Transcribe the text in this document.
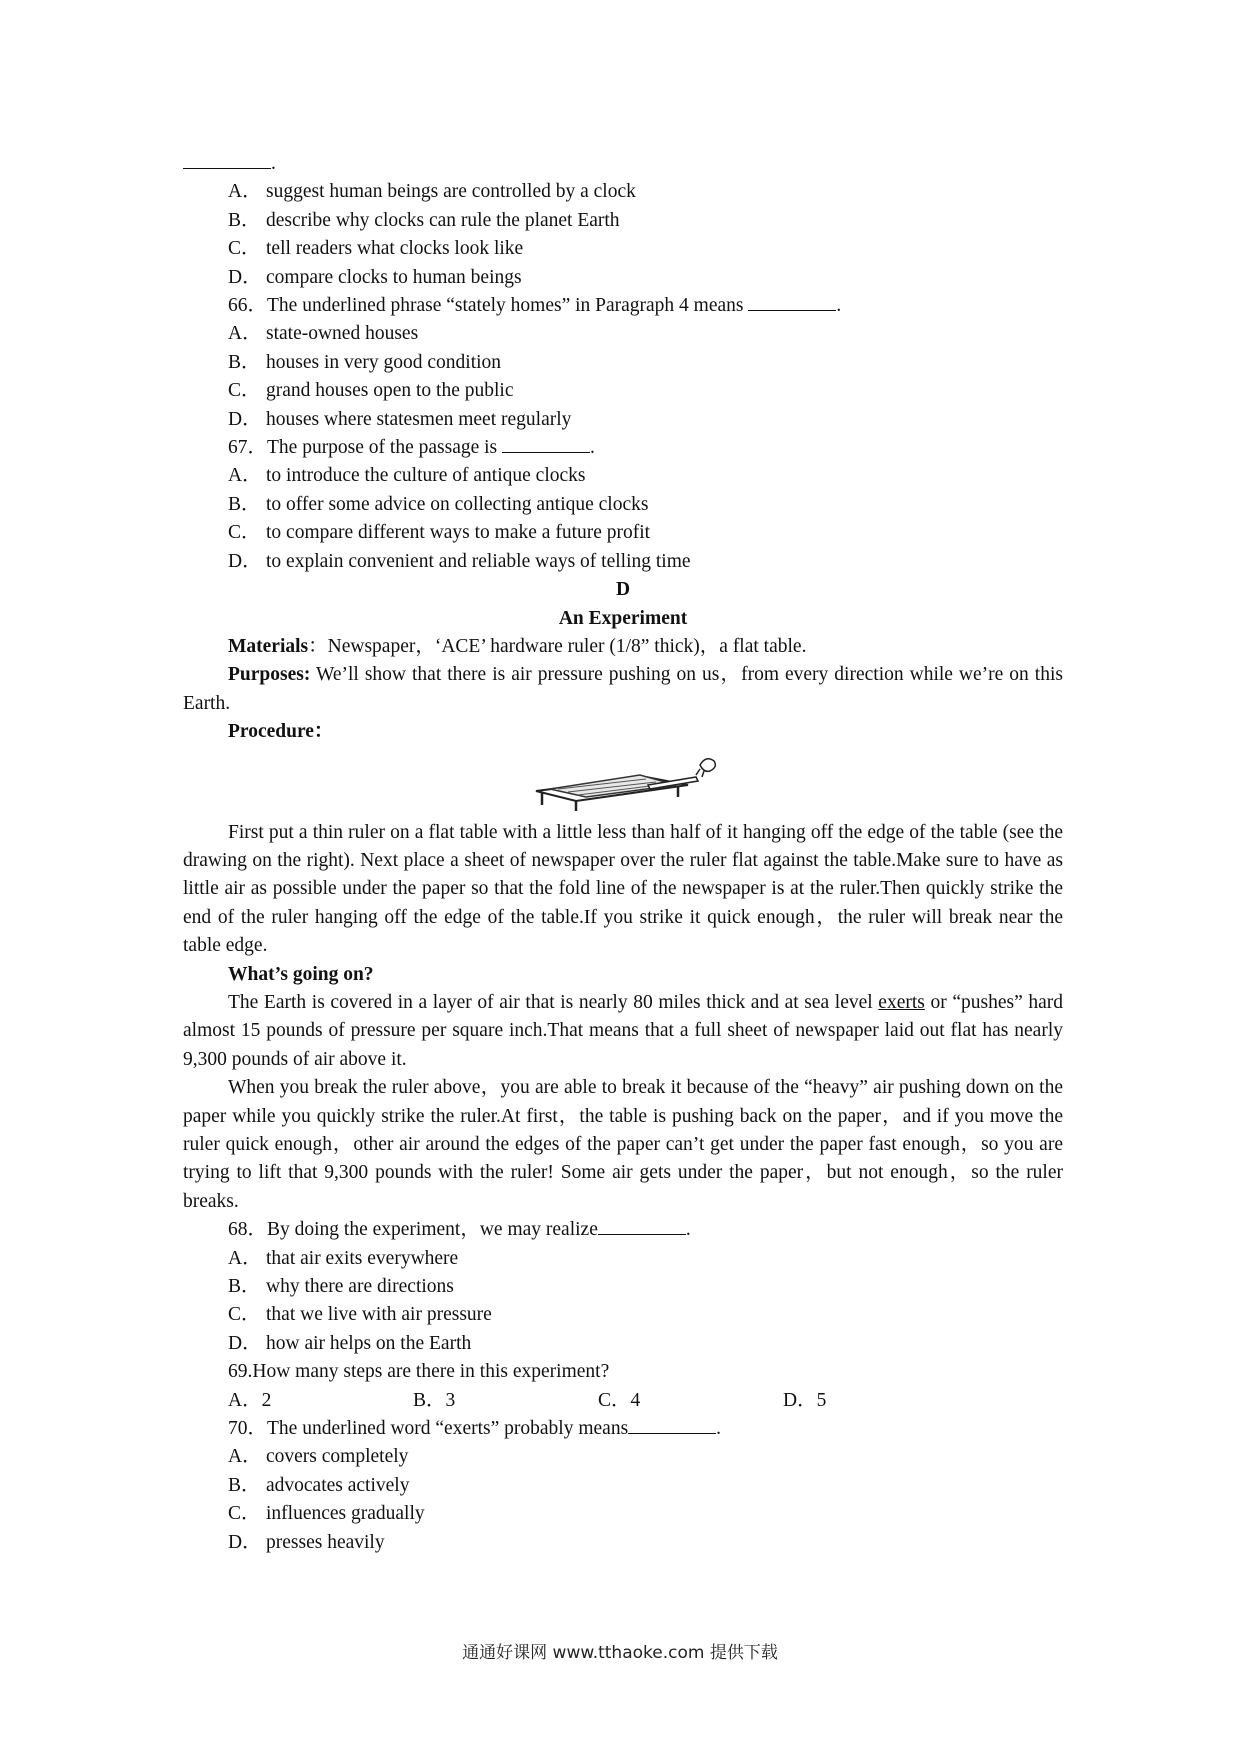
.
A． suggest human beings are controlled by a clock
B． describe why clocks can rule the planet Earth
C． tell readers what clocks look like
D． compare clocks to human beings
66．The underlined phrase “stately homes” in Paragraph 4 means	.
A． state-owned houses
B． houses in very good condition
C． grand houses open to the public
D． houses where statesmen meet regularly
67．The purpose of the passage is	.
A． to introduce the culture of antique clocks
B． to offer some advice on collecting antique clocks
C． to compare different ways to make a future profit
D． to explain convenient and reliable ways of telling time
D
An Experiment
Materials：Newspaper，‘ACE’ hardware ruler (1/8” thick)，a flat table.
Purposes: We’ll show that there is air pressure pushing on us，from every direction while we’re on this Earth.
Procedure：
First put a thin ruler on a flat table with a little less than half of it hanging off the edge of the table (see the drawing on the right). Next place a sheet of newspaper over the ruler flat against the table.Make sure to have as little air as possible under the paper so that the fold line of the newspaper is at the ruler.Then quickly strike the end of the ruler hanging off the edge of the table.If you strike it quick enough，the ruler will break near the table edge.
What’s going on?
The Earth is covered in a layer of air that is nearly 80 miles thick and at sea level exerts or “pushes” hard almost 15 pounds of pressure per square inch.That means that a full sheet of newspaper laid out flat has nearly 9,300 pounds of air above it.
When you break the ruler above，you are able to break it because of the “heavy” air pushing down on the paper while you quickly strike the ruler.At first，the table is pushing back on the paper，and if you move the ruler quick enough，other air around the edges of the paper can’t get under the paper fast enough，so you are trying to lift that 9,300 pounds with the ruler! Some air gets under the paper，but not enough，so the ruler breaks.
68．By doing the experiment，we may realize	.
A． that air exits everywhere
B． why there are directions
C． that we live with air pressure
D． how air helps on the Earth
69.How many steps are there in this experiment?
A．2	B．3	C．4	D．5
70．The underlined word “exerts” probably means	.
A． covers completely
B． advocates actively
C． influences gradually
D． presses heavily
通通好课网 www.tthaoke.com 提供下载
